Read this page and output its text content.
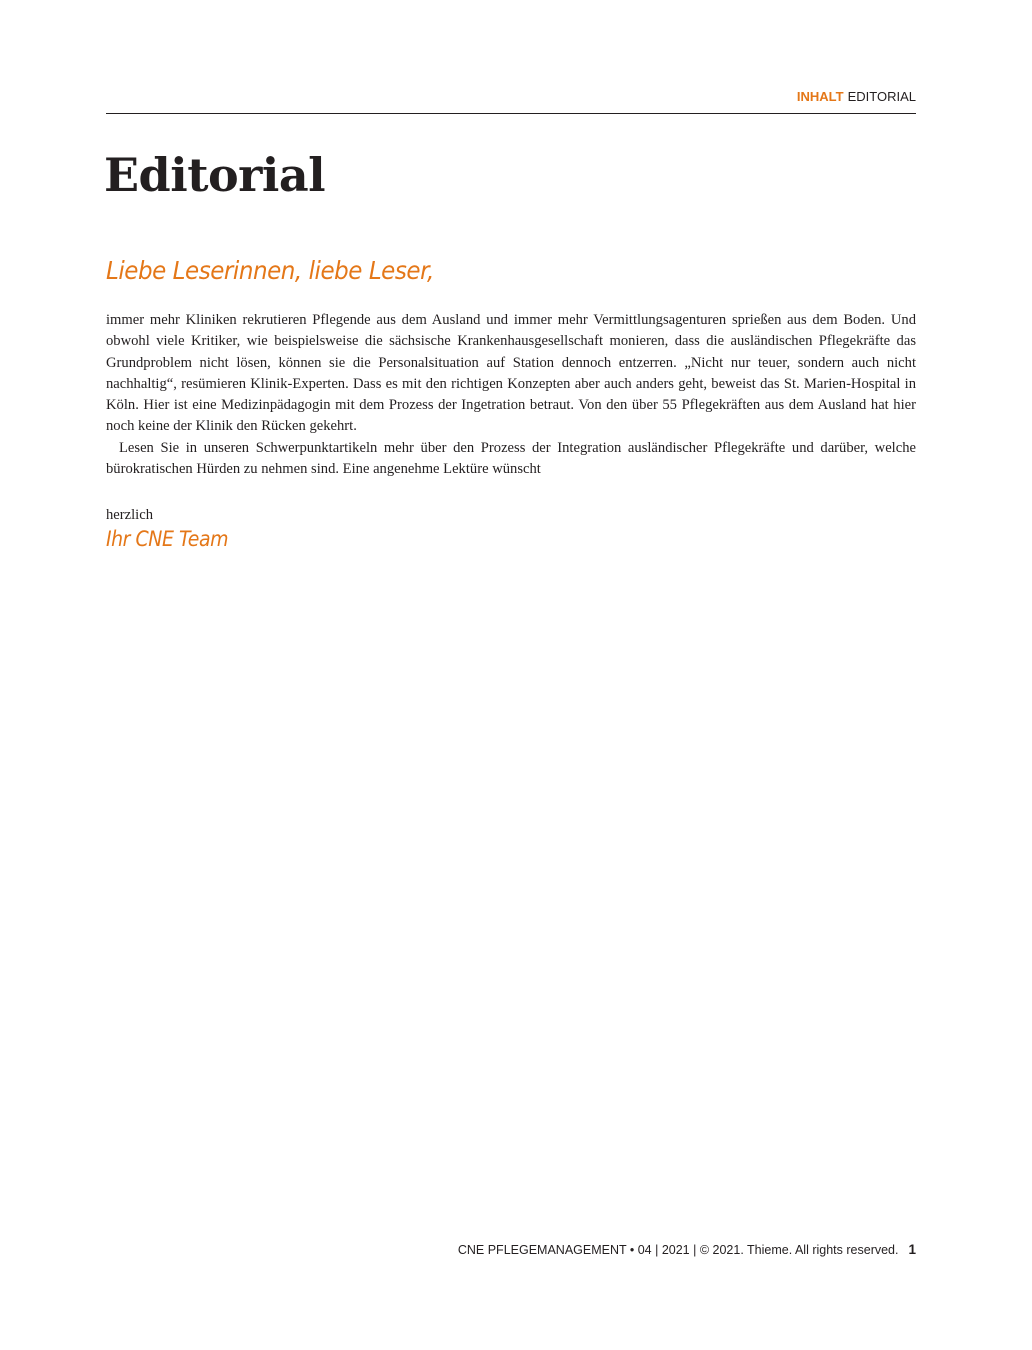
INHALT EDITORIAL
Editorial
Liebe Leserinnen, liebe Leser,

immer mehr Kliniken rekrutieren Pflegende aus dem Ausland und immer mehr Vermittlungsagenturen sprießen aus dem Boden. Und obwohl viele Kritiker, wie beispielsweise die sächsische Krankenhausgesellschaft monieren, dass die ausländischen Pflegekräfte das Grundproblem nicht lösen, können sie die Personalsituation auf Station dennoch entzerren. „Nicht nur teuer, sondern auch nicht nachhaltig“, resümieren Klinik-Experten. Dass es mit den richtigen Konzepten aber auch anders geht, beweist das St. Marien-Hospital in Köln. Hier ist eine Medizinpädagogin mit dem Prozess der Ingetration betraut. Von den über 55 Pflegekräften aus dem Ausland hat hier noch keine der Klinik den Rücken gekehrt.

Lesen Sie in unseren Schwerpunktartikeln mehr über den Prozess der Integration ausländischer Pflegekräfte und darüber, welche bürokratischen Hürden zu nehmen sind. Eine angenehme Lektüre wünscht

herzlich
Ihr CNE Team
CNE PFLEGEMANAGEMENT • 04 | 2021 | © 2021. Thieme. All rights reserved. 1
